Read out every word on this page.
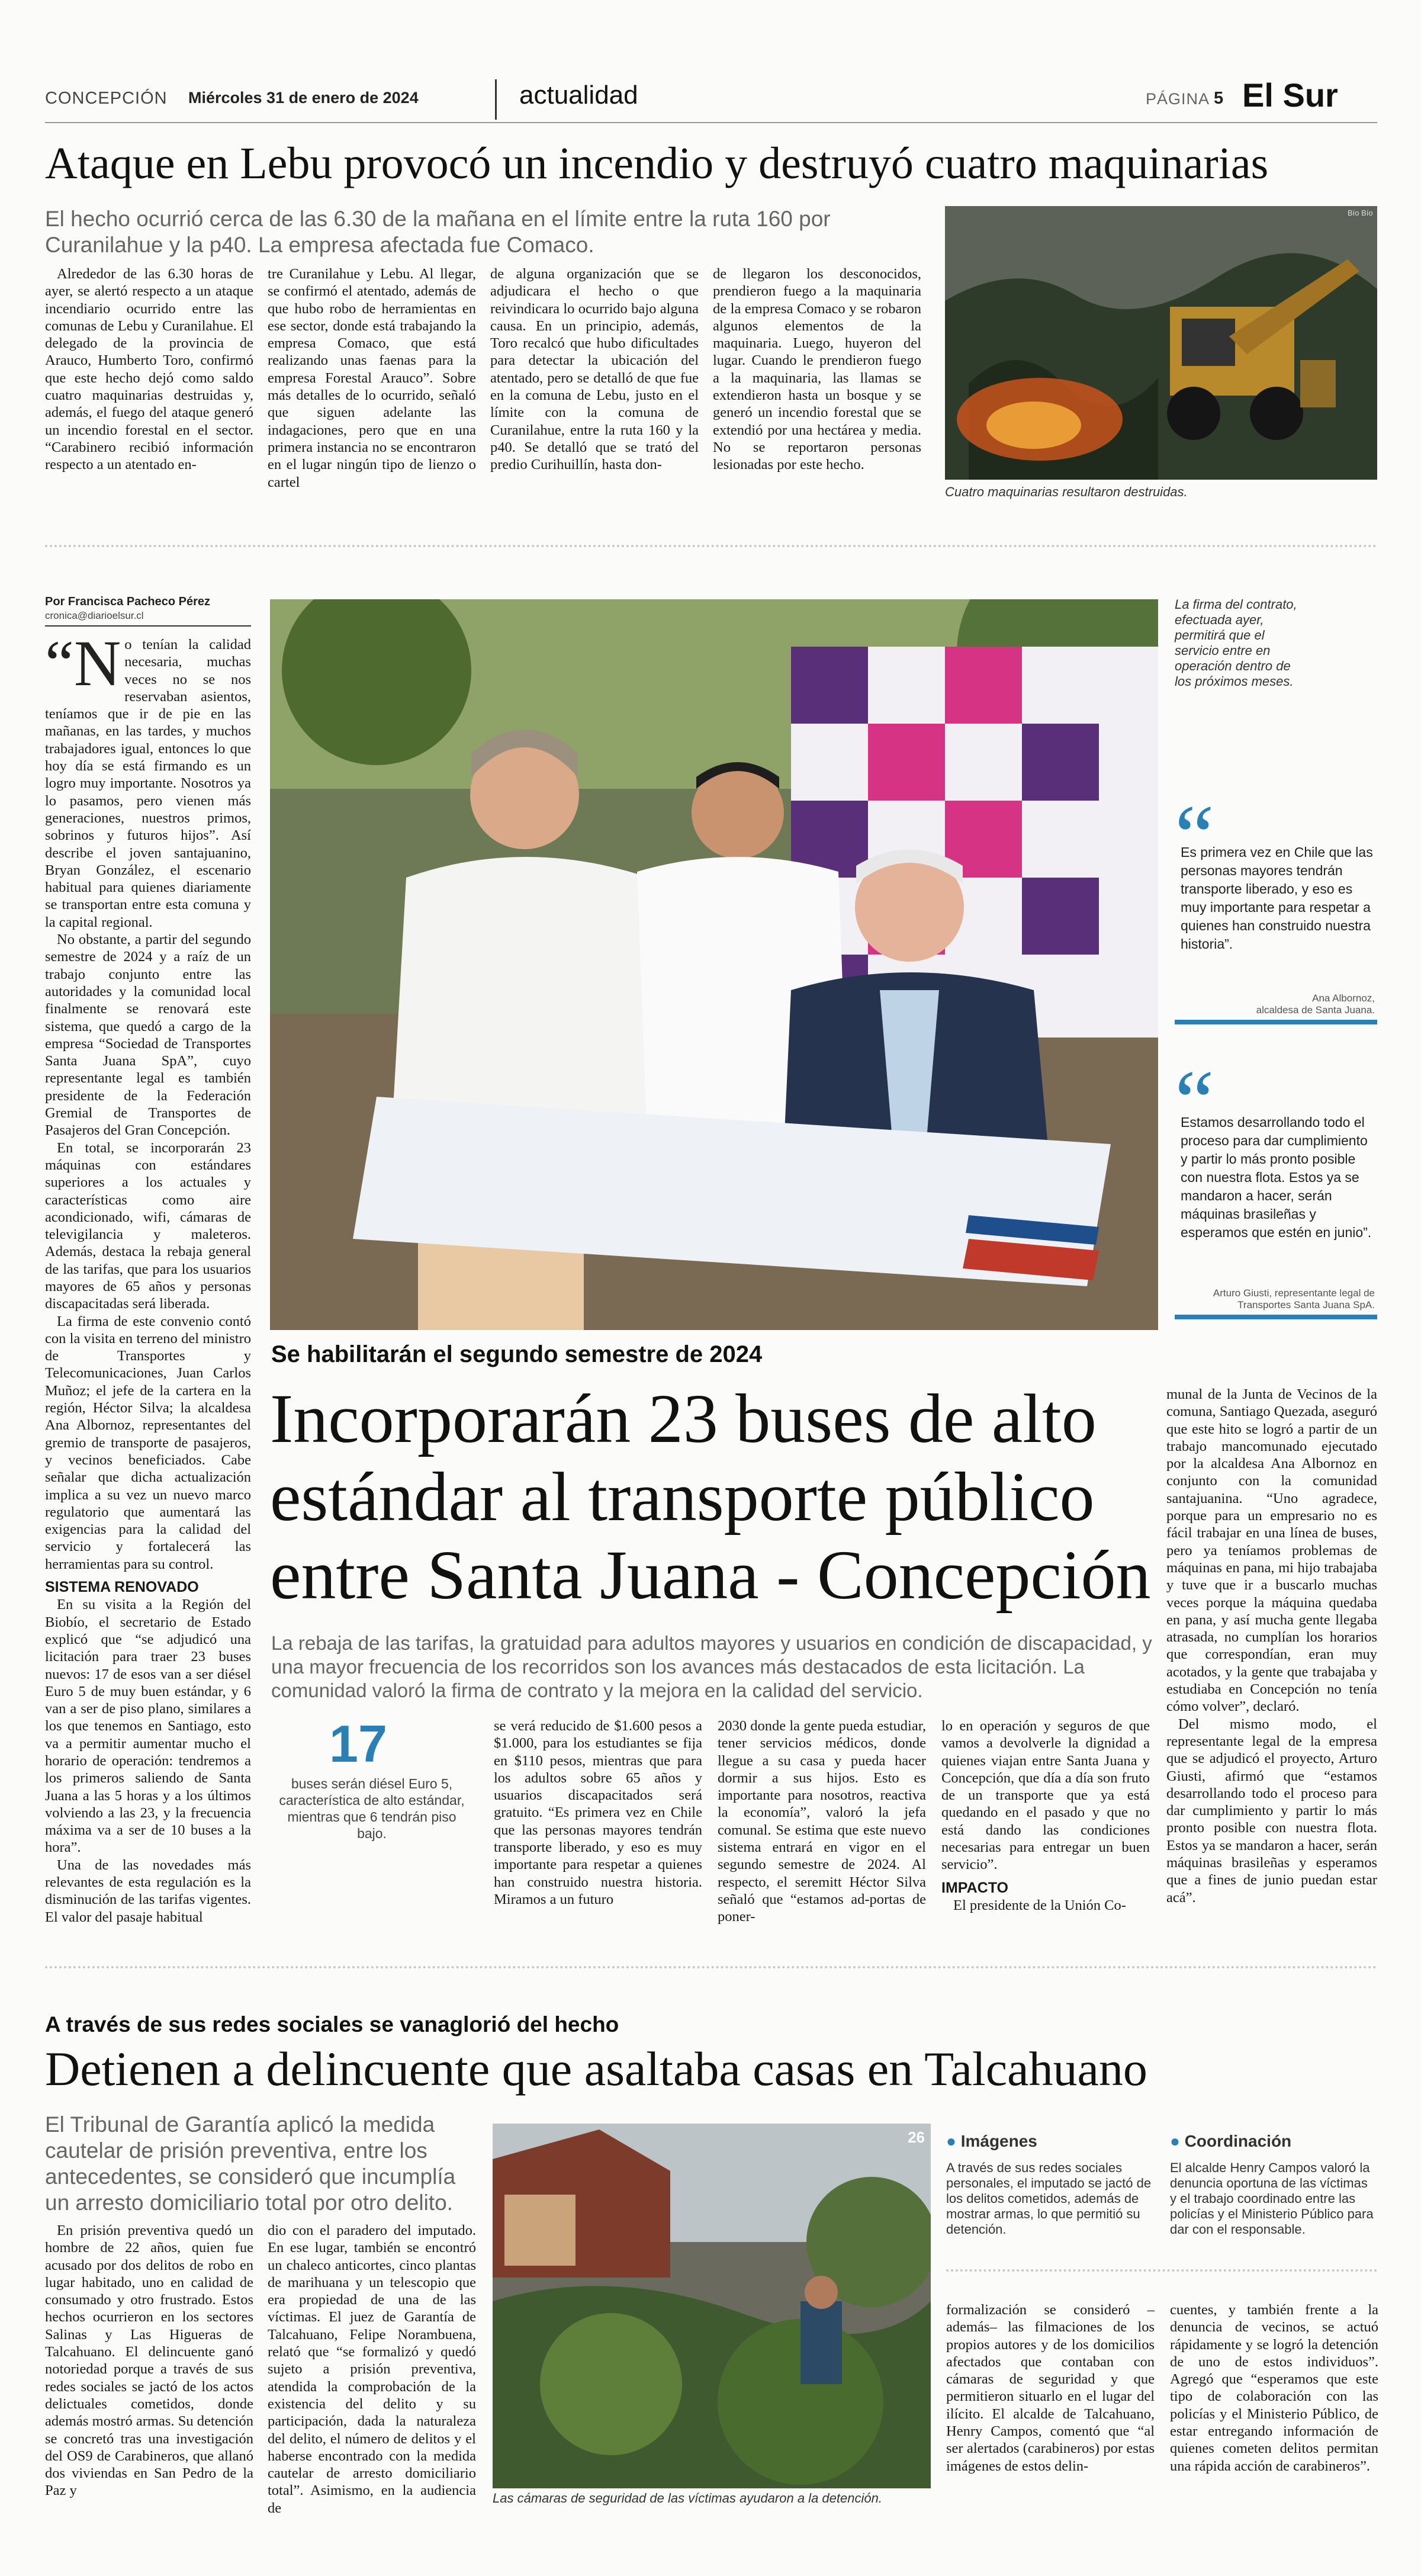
CONCEPCIÓN Miércoles 31 de enero de 2024	actualidad	PÁGINA 5 El Sur
Ataque en Lebu provocó un incendio y destruyó cuatro maquinarias
El hecho ocurrió cerca de las 6.30 de la mañana en el límite entre la ruta 160 por Curanilahue y la p40. La empresa afectada fue Comaco.

Alrededor de las 6.30 horas de ayer, se alertó respecto a un ataque incendiario ocurrido entre las comunas de Lebu y Curanilahue. El delegado de la provincia de Arauco, Humberto Toro, confirmó que este hecho dejó como saldo cuatro maquinarias destruidas y, además, el fuego del ataque generó un incendio forestal en el sector. “Carabinero recibió información respecto a un atentado en-

tre Curanilahue y Lebu. Al llegar, se confirmó el atentado, además de que hubo robo de herramientas en ese sector, donde está trabajando la empresa Comaco, que está realizando unas faenas para la empresa Forestal Arauco”. Sobre más detalles de lo ocurrido, señaló que siguen adelante las indagaciones, pero que en una primera instancia no se encontraron en el lugar ningún tipo de lienzo o cartel

de alguna organización que se adjudicara el hecho o que reivindicara lo ocurrido bajo alguna causa. En un principio, además, Toro recalcó que hubo dificultades para detectar la ubicación del atentado, pero se detalló de que fue en la comuna de Lebu, justo en el límite con la comuna de Curanilahue, entre la ruta 160 y la p40. Se detalló que se trató del predio Curihuillín, hasta don-

de llegaron los desconocidos, prendieron fuego a la maquinaria de la empresa Comaco y se robaron algunos elementos de la maquinaria. Luego, huyeron del lugar. Cuando le prendieron fuego a la maquinaria, las llamas se extendieron hasta un bosque y se generó un incendio forestal que se extendió por una hectárea y media. No se reportaron personas lesionadas por este hecho.

Bío Bío
Cuatro maquinarias resultaron destruidas.
Por Francisca Pacheco Pérez
cronica@diarioelsur.cl

“No tenían la calidad necesaria, muchas veces no se nos reservaban asientos, teníamos que ir de pie en las mañanas, en las tardes, y muchos trabajadores igual, entonces lo que hoy día se está firmando es un logro muy importante. Nosotros ya lo pasamos, pero vienen más generaciones, nuestros primos, sobrinos y futuros hijos”. Así describe el joven santajuanino, Bryan González, el escenario habitual para quienes diariamente se transportan entre esta comuna y la capital regional.

No obstante, a partir del segundo semestre de 2024 y a raíz de un trabajo conjunto entre las autoridades y la comunidad local finalmente se renovará este sistema, que quedó a cargo de la empresa “Sociedad de Transportes Santa Juana SpA”, cuyo representante legal es también presidente de la Federación Gremial de Transportes de Pasajeros del Gran Concepción.

En total, se incorporarán 23 máquinas con estándares superiores a los actuales y características como aire acondicionado, wifi, cámaras de televigilancia y maleteros. Además, destaca la rebaja general de las tarifas, que para los usuarios mayores de 65 años y personas discapacitadas será liberada.

La firma de este convenio contó con la visita en terreno del ministro de Transportes y Telecomunicaciones, Juan Carlos Muñoz; el jefe de la cartera en la región, Héctor Silva; la alcaldesa Ana Albornoz, representantes del gremio de transporte de pasajeros, y vecinos beneficiados. Cabe señalar que dicha actualización implica a su vez un nuevo marco regulatorio que aumentará las exigencias para la calidad del servicio y fortalecerá las herramientas para su control.

SISTEMA RENOVADO

En su visita a la Región del Biobío, el secretario de Estado explicó que “se adjudicó una licitación para traer 23 buses nuevos: 17 de esos van a ser diésel Euro 5 de muy buen estándar, y 6 van a ser de piso plano, similares a los que tenemos en Santiago, esto va a permitir aumentar mucho el horario de operación: tendremos a los primeros saliendo de Santa Juana a las 5 horas y a los últimos volviendo a las 23, y la frecuencia máxima va a ser de 10 buses a la hora”.

Una de las novedades más relevantes de esta regulación es la disminución de las tarifas vigentes. El valor del pasaje habitual

La firma del contrato, efectuada ayer, permitirá que el servicio entre en operación dentro de los próximos meses.
“
Es primera vez en Chile que las personas mayores tendrán transporte liberado, y eso es muy importante para respetar a quienes han construido nuestra historia”.
Ana Albornoz,
alcaldesa de Santa Juana.
“
Estamos desarrollando todo el proceso para dar cumplimiento y partir lo más pronto posible con nuestra flota. Estos ya se mandaron a hacer, serán máquinas brasileñas y esperamos que estén en junio”.
Arturo Giusti, representante legal de
Transportes Santa Juana SpA.
Se habilitarán el segundo semestre de 2024
Incorporarán 23 buses de alto estándar al transporte público entre Santa Juana - Concepción
La rebaja de las tarifas, la gratuidad para adultos mayores y usuarios en condición de discapacidad, y una mayor frecuencia de los recorridos son los avances más destacados de esta licitación. La comunidad valoró la firma de contrato y la mejora en la calidad del servicio.
17
buses serán diésel Euro 5, característica de alto estándar, mientras que 6 tendrán piso bajo.

se verá reducido de $1.600 pesos a $1.000, para los estudiantes se fija en $110 pesos, mientras que para los adultos sobre 65 años y usuarios discapacitados será gratuito. “Es primera vez en Chile que las personas mayores tendrán transporte liberado, y eso es muy importante para respetar a quienes han construido nuestra historia. Miramos a un futuro

2030 donde la gente pueda estudiar, tener servicios médicos, donde llegue a su casa y pueda hacer dormir a sus hijos. Esto es importante para nosotros, reactiva la economía”, valoró la jefa comunal. Se estima que este nuevo sistema entrará en vigor en el segundo semestre de 2024. Al respecto, el seremitt Héctor Silva señaló que “estamos ad-portas de poner-

lo en operación y seguros de que vamos a devolverle la dignidad a quienes viajan entre Santa Juana y Concepción, que día a día son fruto de un transporte que ya está quedando en el pasado y que no está dando las condiciones necesarias para entregar un buen servicio”.

IMPACTO

El presidente de la Unión Co-

munal de la Junta de Vecinos de la comuna, Santiago Quezada, aseguró que este hito se logró a partir de un trabajo mancomunado ejecutado por la alcaldesa Ana Albornoz en conjunto con la comunidad santajuanina. “Uno agradece, porque para un empresario no es fácil trabajar en una línea de buses, pero ya teníamos problemas de máquinas en pana, mi hijo trabajaba y tuve que ir a buscarlo muchas veces porque la máquina quedaba en pana, y así mucha gente llegaba atrasada, no cumplían los horarios que correspondían, eran muy acotados, y la gente que trabajaba y estudiaba en Concepción no tenía cómo volver”, declaró.

Del mismo modo, el representante legal de la empresa que se adjudicó el proyecto, Arturo Giusti, afirmó que “estamos desarrollando todo el proceso para dar cumplimiento y partir lo más pronto posible con nuestra flota. Estos ya se mandaron a hacer, serán máquinas brasileñas y esperamos que a fines de junio puedan estar acá”.

A través de sus redes sociales se vanaglorió del hecho
Detienen a delincuente que asaltaba casas en Talcahuano
El Tribunal de Garantía aplicó la medida cautelar de prisión preventiva, entre los antecedentes, se consideró que incumplía un arresto domiciliario total por otro delito.

En prisión preventiva quedó un hombre de 22 años, quien fue acusado por dos delitos de robo en lugar habitado, uno en calidad de consumado y otro frustrado. Estos hechos ocurrieron en los sectores Salinas y Las Higueras de Talcahuano. El delincuente ganó notoriedad porque a través de sus redes sociales se jactó de los actos delictuales cometidos, donde además mostró armas. Su detención se concretó tras una investigación del OS9 de Carabineros, que allanó dos viviendas en San Pedro de la Paz y

dio con el paradero del imputado. En ese lugar, también se encontró un chaleco anticortes, cinco plantas de marihuana y un telescopio que era propiedad de una de las víctimas. El juez de Garantía de Talcahuano, Felipe Norambuena, relató que “se formalizó y quedó sujeto a prisión preventiva, atendida la comprobación de la existencia del delito y su participación, dada la naturaleza del delito, el número de delitos y el haberse encontrado con la medida cautelar de arresto domiciliario total”. Asimismo, en la audiencia de

26
Las cámaras de seguridad de las víctimas ayudaron a la detención.
● Imágenes
A través de sus redes sociales personales, el imputado se jactó de los delitos cometidos, además de mostrar armas, lo que permitió su detención.
● Coordinación
El alcalde Henry Campos valoró la denuncia oportuna de las víctimas y el trabajo coordinado entre las policías y el Ministerio Público para dar con el responsable.

formalización se consideró –además– las filmaciones de los propios autores y de los domicilios afectados que contaban con cámaras de seguridad y que permitieron situarlo en el lugar del ilícito. El alcalde de Talcahuano, Henry Campos, comentó que “al ser alertados (carabineros) por estas imágenes de estos delin-

cuentes, y también frente a la denuncia de vecinos, se actuó rápidamente y se logró la detención de uno de estos individuos”. Agregó que “esperamos que este tipo de colaboración con las policías y el Ministerio Público, de estar entregando información de quienes cometen delitos permitan una rápida acción de carabineros”.
